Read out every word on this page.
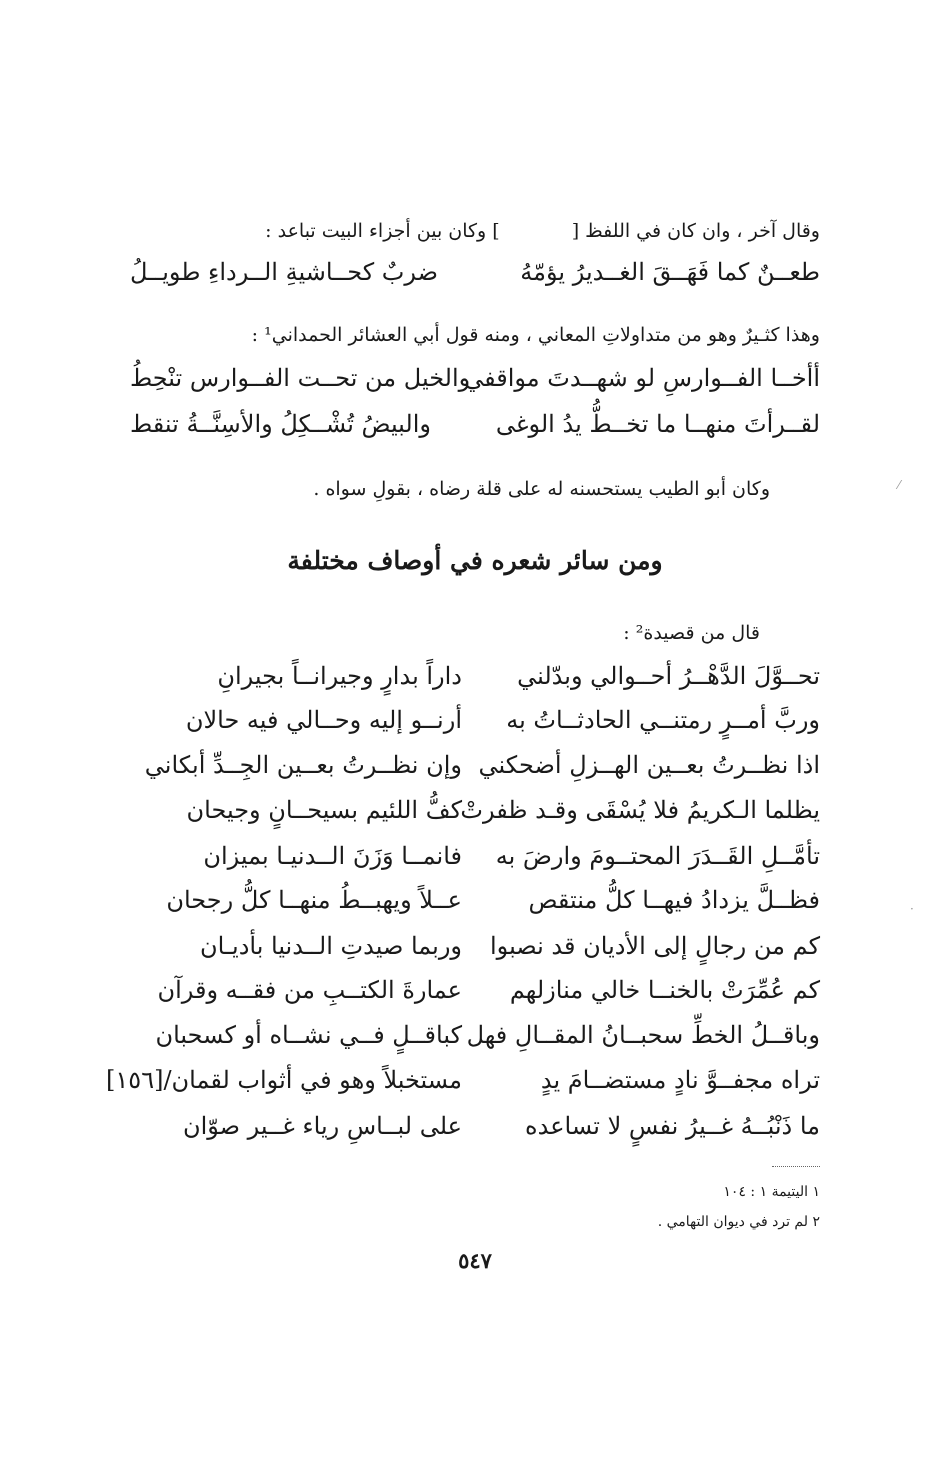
وقال آخر ، وان كان في اللفظ [] وكان بين أجزاء البيت تباعد :
طعــنٌ كما فَهَــقَ الغــديرُ يؤمّهُ
ضربٌ كحــاشيةِ الــرداءِ طويــلُ
وهذا كثـيرٌ وهو من متداولاتِ المعاني ، ومنه قول أبي العشائر الحمداني¹ :
أأخــا الفــوارسِ لو شهــدتَ مواقفي
والخيل من تحــت الفــوارس تنْحِطُ
لقــرأتَ منهــا ما تخــطُّ يدُ الوغى
والبيضُ تُشْــكِلُ والأسِنَّــةُ تنقط
وكان أبو الطيب يستحسنه له على قلة رضاه ، بقولِ سواه .
ومن سائر شعره في أوصاف مختلفة
قال من قصيدة² :
تحــوَّلَ الدَّهْــرُ أحــوالي وبدّلني
داراً بدارٍ وجيرانــاً بجيرانِ
وربَّ أمــرٍ رمتنــي الحادثــاتُ به
أرنــو إليه وحــالي فيه حالان
اذا نظــرتُ بعــين الهــزلِ أضحكني
وإن نظــرتُ بعــين الجِــدِّ أبكاني
يظلما الـكريمُ فلا يُسْقَى وقـد ظفرتْ
كفُّ اللئيم بسيحــانٍ وجيحان
تأمَّــلِ القَــدَرَ المحتــومَ وارضَ به
فانمــا وَزَنَ الــدنيـا بميزان
فظــلَّ يزدادُ فيهــا كلُّ منتقص
عــلاً ويهبــطُ منهــا كلُّ رجحان
كم من رجالٍ إلى الأديان قد نصبوا
وربما صيدتِ الــدنيا بأديـان
كم عُمِّرَتْ بالخنــا خالي منازلهم
عمارةَ الكتــبِ من فقــه وقرآن
وباقــلُ الخطِّ سحبــانُ المقــالِ فهل
كباقــلٍ فــي نشــاه أو كسحبان
تراه مجفــوَّ نادٍ مستضــامَ يدٍ
مستخبلاً وهو في أثواب لقمان/[١٥٦]
ما ذَنْبُــهُ غــيرُ نفسٍ لا تساعده
على لبــاسِ رياء غــير صوّان
١ اليتيمة ١ : ١٠٤
٢ لم ترد في ديوان التهامي .
٥٤٧
⁄
·
